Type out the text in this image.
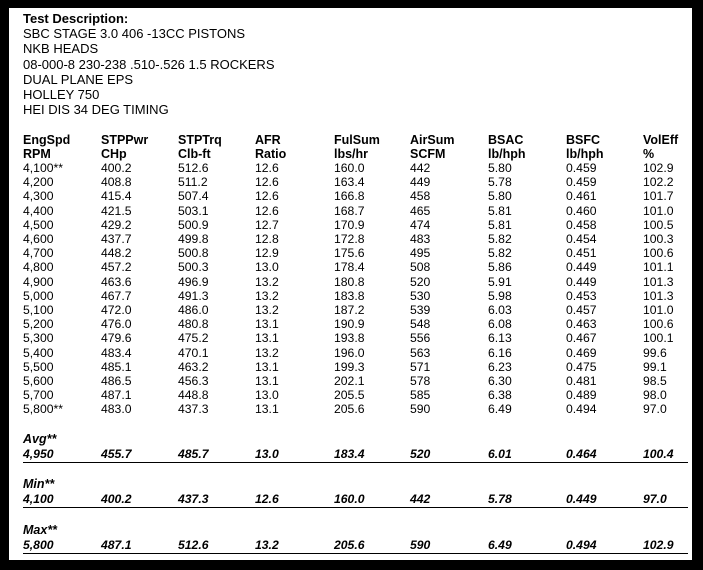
Test Description:
SBC STAGE 3.0 406 -13CC PISTONS
NKB HEADS
08-000-8 230-238 .510-.526 1.5 ROCKERS
DUAL PLANE EPS
HOLLEY 750
HEI DIS 34 DEG TIMING
EngSpd	STPPwr	STPTrq	AFR	FulSum	AirSum	BSAC	BSFC	VolEff
RPM	CHp	Clb-ft	Ratio	lbs/hr	SCFM	lb/hph	lb/hph	%
4,100**	400.2	512.6	12.6	160.0	442	5.80	0.459	102.9
4,200	408.8	511.2	12.6	163.4	449	5.78	0.459	102.2
4,300	415.4	507.4	12.6	166.8	458	5.80	0.461	101.7
4,400	421.5	503.1	12.6	168.7	465	5.81	0.460	101.0
4,500	429.2	500.9	12.7	170.9	474	5.81	0.458	100.5
4,600	437.7	499.8	12.8	172.8	483	5.82	0.454	100.3
4,700	448.2	500.8	12.9	175.6	495	5.82	0.451	100.6
4,800	457.2	500.3	13.0	178.4	508	5.86	0.449	101.1
4,900	463.6	496.9	13.2	180.8	520	5.91	0.449	101.3
5,000	467.7	491.3	13.2	183.8	530	5.98	0.453	101.3
5,100	472.0	486.0	13.2	187.2	539	6.03	0.457	101.0
5,200	476.0	480.8	13.1	190.9	548	6.08	0.463	100.6
5,300	479.6	475.2	13.1	193.8	556	6.13	0.467	100.1
5,400	483.4	470.1	13.2	196.0	563	6.16	0.469	99.6
5,500	485.1	463.2	13.1	199.3	571	6.23	0.475	99.1
5,600	486.5	456.3	13.1	202.1	578	6.30	0.481	98.5
5,700	487.1	448.8	13.0	205.5	585	6.38	0.489	98.0
5,800**	483.0	437.3	13.1	205.6	590	6.49	0.494	97.0
Avg**
4,950	455.7	485.7	13.0	183.4	520	6.01	0.464	100.4
Min**
4,100	400.2	437.3	12.6	160.0	442	5.78	0.449	97.0
Max**
5,800	487.1	512.6	13.2	205.6	590	6.49	0.494	102.9
